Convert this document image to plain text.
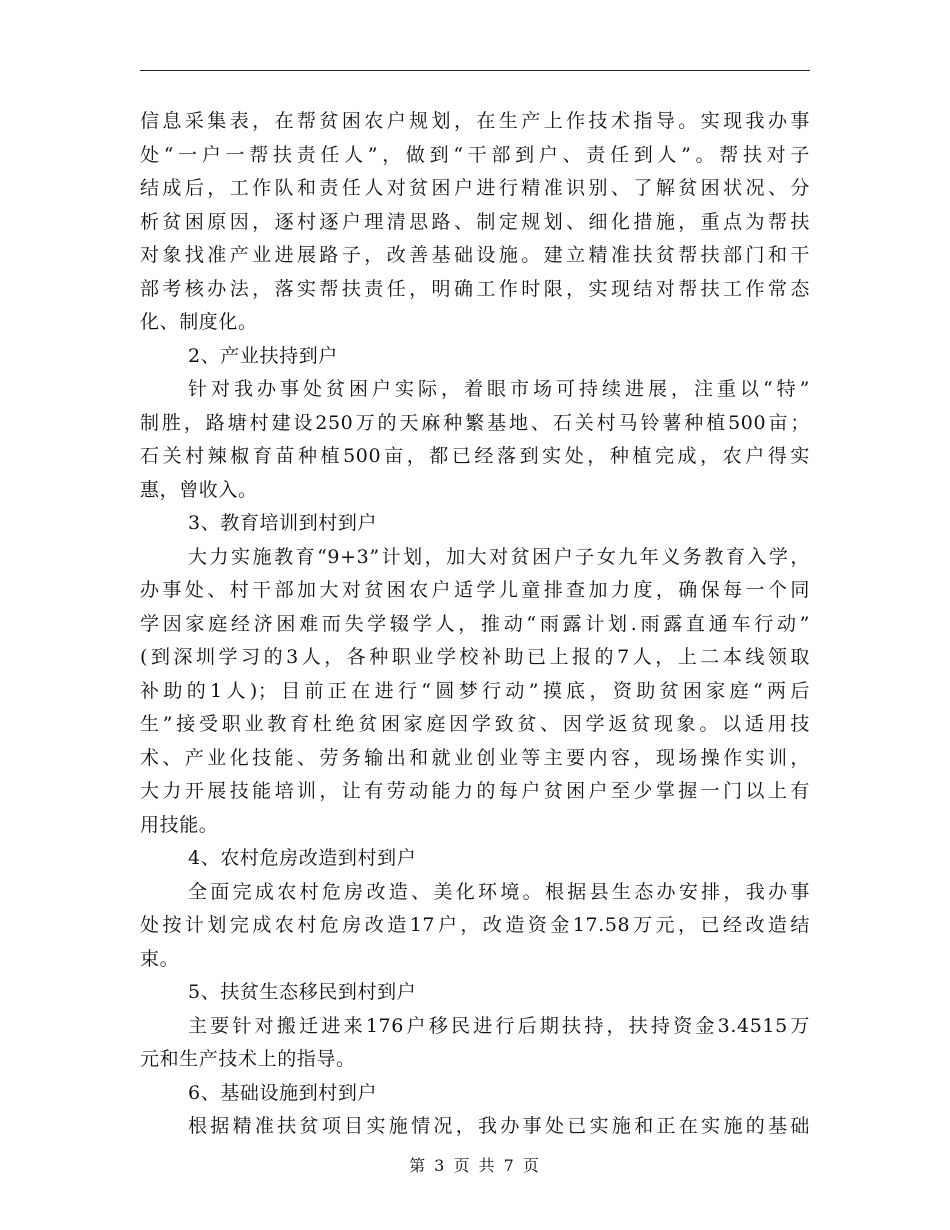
信息采集表，在帮贫困农户规划，在生产上作技术指导。实现我办事
处“一户一帮扶责任人”，做到“干部到户、责任到人”。帮扶对子
结成后，工作队和责任人对贫困户进行精准识别、了解贫困状况、分
析贫困原因，逐村逐户理清思路、制定规划、细化措施，重点为帮扶
对象找准产业进展路子，改善基础设施。建立精准扶贫帮扶部门和干
部考核办法，落实帮扶责任，明确工作时限，实现结对帮扶工作常态
化、制度化。
2、产业扶持到户
针对我办事处贫困户实际，着眼市场可持续进展，注重以“特”
制胜，路塘村建设250万的天麻种繁基地、石关村马铃薯种植500亩；
石关村辣椒育苗种植500亩，都已经落到实处，种植完成，农户得实
惠，曾收入。
3、教育培训到村到户
大力实施教育“9+3”计划，加大对贫困户子女九年义务教育入学，
办事处、村干部加大对贫困农户适学儿童排查加力度，确保每一个同
学因家庭经济困难而失学辍学人，推动“雨露计划.雨露直通车行动”
(到深圳学习的3人，各种职业学校补助已上报的7人，上二本线领取
补助的1人)；目前正在进行“圆梦行动”摸底，资助贫困家庭“两后
生”接受职业教育杜绝贫困家庭因学致贫、因学返贫现象。以适用技
术、产业化技能、劳务输出和就业创业等主要内容，现场操作实训，
大力开展技能培训，让有劳动能力的每户贫困户至少掌握一门以上有
用技能。
4、农村危房改造到村到户
全面完成农村危房改造、美化环境。根据县生态办安排，我办事
处按计划完成农村危房改造17户，改造资金17.58万元，已经改造结
束。
5、扶贫生态移民到村到户
主要针对搬迁进来176户移民进行后期扶持，扶持资金3.4515万
元和生产技术上的指导。
6、基础设施到村到户
根据精准扶贫项目实施情况，我办事处已实施和正在实施的基础
第 3 页 共 7 页
